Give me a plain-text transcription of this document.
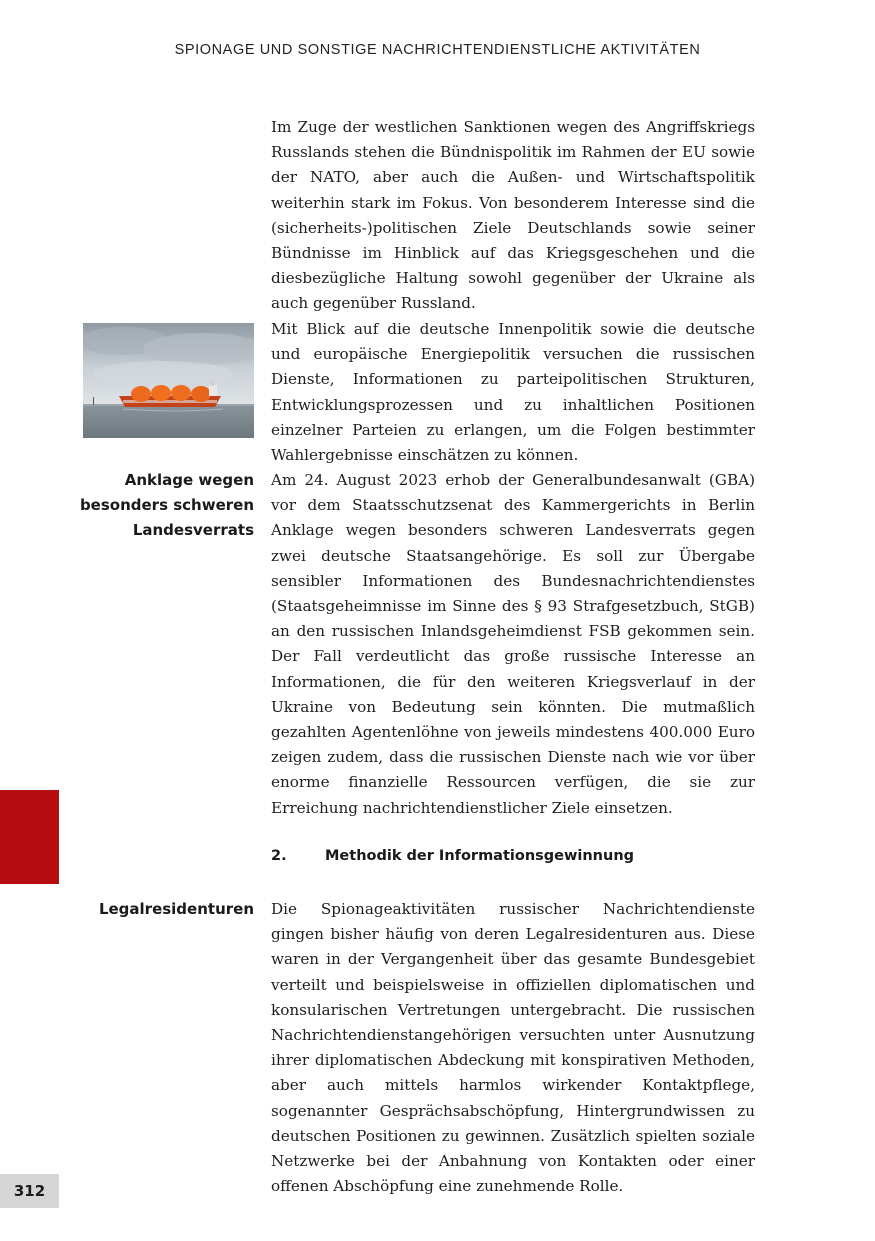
SPIONAGE UND SONSTIGE NACHRICHTENDIENSTLICHE AKTIVITÄTEN

Im Zuge der westlichen Sanktionen wegen des Angriffskriegs Russlands stehen die Bündnispolitik im Rahmen der EU sowie der NATO, aber auch die Außen- und Wirtschaftspolitik weiterhin stark im Fokus. Von besonderem Interesse sind die (sicherheits-)politischen Ziele Deutschlands sowie seiner Bündnisse im Hinblick auf das Kriegsgeschehen und die diesbezügliche Haltung sowohl gegenüber der Ukraine als auch gegenüber Russland.

Mit Blick auf die deutsche Innenpolitik sowie die deutsche und europäische Energiepolitik versuchen die russischen Dienste, Informationen zu parteipolitischen Strukturen, Entwicklungsprozessen und zu inhaltlichen Positionen einzelner Parteien zu erlangen, um die Folgen bestimmter Wahlergebnisse einschätzen zu können.

Anklage wegen besonders schweren Landesverrats

Am 24. August 2023 erhob der Generalbundesanwalt (GBA) vor dem Staatsschutzsenat des Kammergerichts in Berlin Anklage wegen besonders schweren Landesverrats gegen zwei deutsche Staatsangehörige. Es soll zur Übergabe sensibler Informationen des Bundesnachrichtendienstes (Staatsgeheimnisse im Sinne des § 93 Strafgesetzbuch, StGB) an den russischen Inlandsgeheimdienst FSB gekommen sein. Der Fall verdeutlicht das große russische Interesse an Informationen, die für den weiteren Kriegsverlauf in der Ukraine von Bedeutung sein könnten. Die mutmaßlich gezahlten Agentenlöhne von jeweils mindestens 400.000 Euro zeigen zudem, dass die russischen Dienste nach wie vor über enorme finanzielle Ressourcen verfügen, die sie zur Erreichung nachrichtendienstlicher Ziele einsetzen.

2.	Methodik der Informationsgewinnung

Legalresidenturen Die Spionageaktivitäten russischer Nachrichtendienste gingen bisher häufig von deren Legalresidenturen aus. Diese waren in der Vergangenheit über das gesamte Bundesgebiet verteilt und beispielsweise in offiziellen diplomatischen und konsularischen Vertretungen untergebracht. Die russischen Nachrichtendienstangehörigen versuchten unter Ausnutzung ihrer diplomatischen Abdeckung mit konspirativen Methoden, aber auch mittels harmlos wirkender Kontaktpflege, sogenannter Gesprächsabschöpfung, Hintergrundwissen zu deutschen Positionen zu gewinnen. Zusätzlich spielten soziale Netzwerke bei der Anbahnung von Kontakten oder einer offenen Abschöpfung eine zunehmende Rolle.

312
